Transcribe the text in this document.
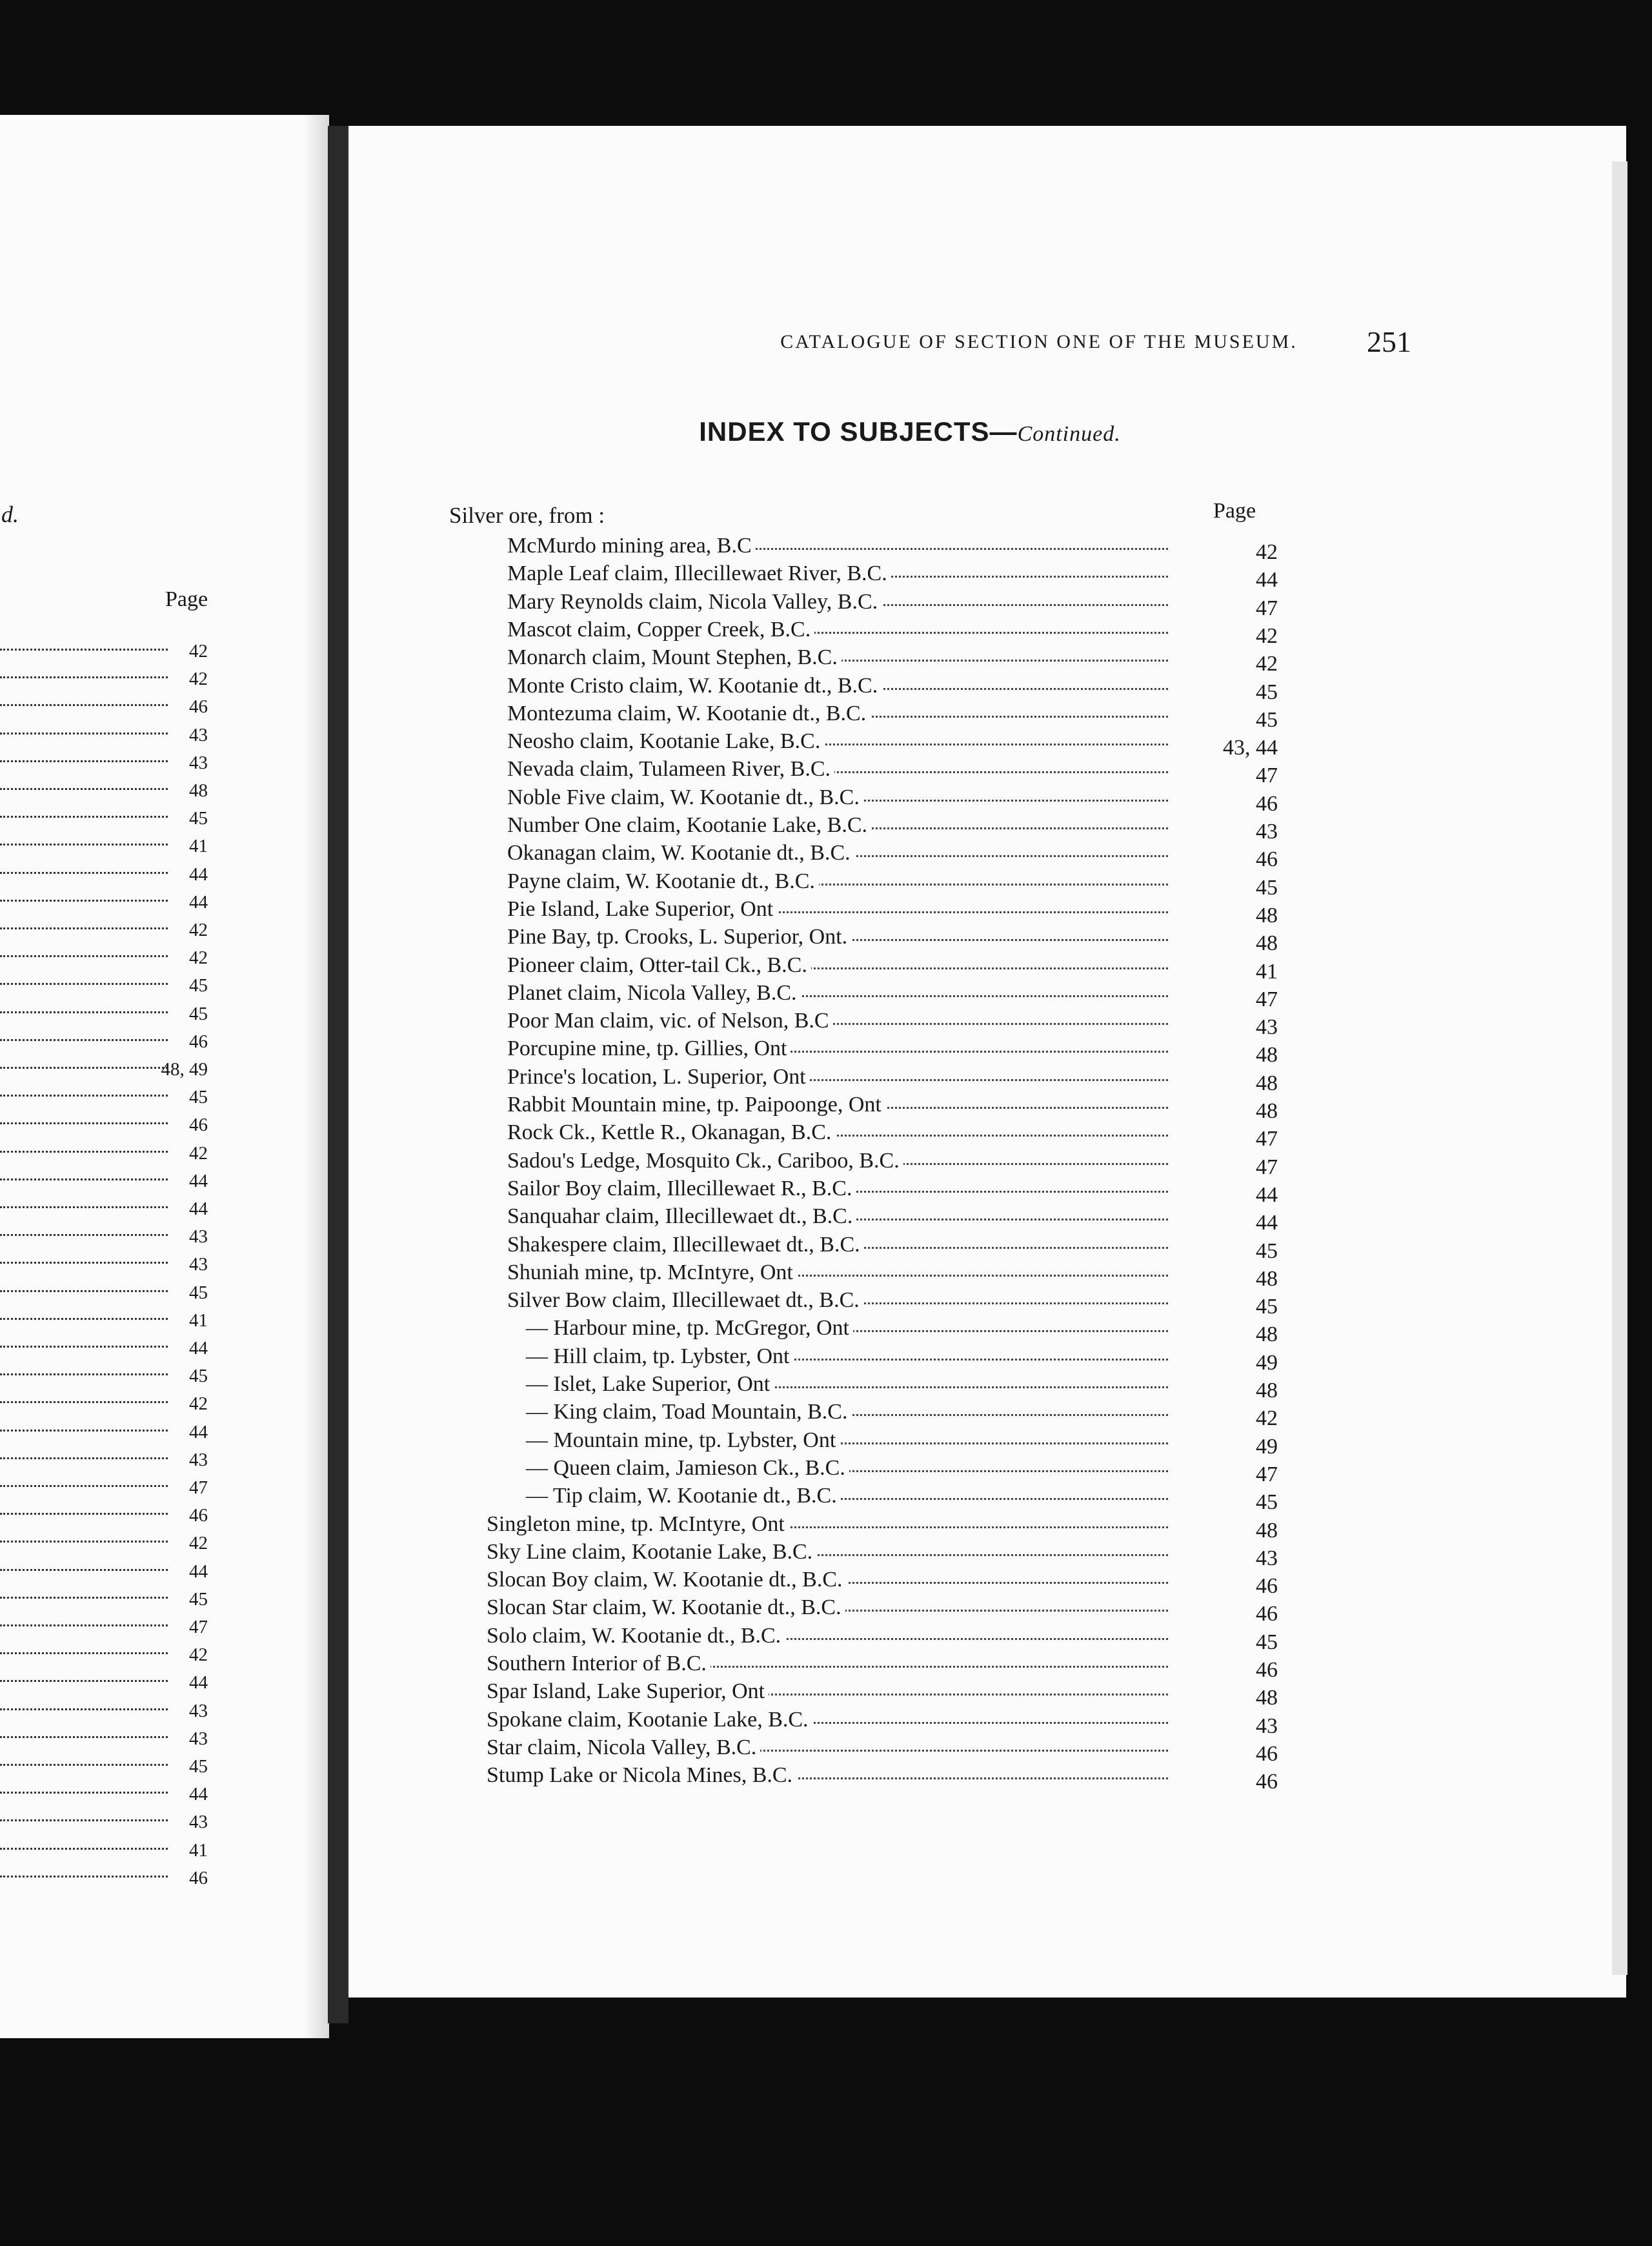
d.
Page
42
42
46
43
43
48
45
41
44
44
42
42
45
45
46
48, 49
45
46
42
44
44
43
43
45
41
44
45
42
44
43
47
46
42
44
45
47
42
44
43
43
45
44
43
41
46
CATALOGUE OF SECTION ONE OF THE MUSEUM.	251
INDEX TO SUBJECTS—Continued.
Page
Silver ore, from :
McMurdo mining area, B.C	42
Maple Leaf claim, Illecillewaet River, B.C.	44
Mary Reynolds claim, Nicola Valley, B.C.	47
Mascot claim, Copper Creek, B.C.	42
Monarch claim, Mount Stephen, B.C.	42
Monte Cristo claim, W. Kootanie dt., B.C.	45
Montezuma claim, W. Kootanie dt., B.C.	45
Neosho claim, Kootanie Lake, B.C.	43, 44
Nevada claim, Tulameen River, B.C.	47
Noble Five claim, W. Kootanie dt., B.C.	46
Number One claim, Kootanie Lake, B.C.	43
Okanagan claim, W. Kootanie dt., B.C.	46
Payne claim, W. Kootanie dt., B.C.	45
Pie Island, Lake Superior, Ont	48
Pine Bay, tp. Crooks, L. Superior, Ont.	48
Pioneer claim, Otter-tail Ck., B.C.	41
Planet claim, Nicola Valley, B.C.	47
Poor Man claim, vic. of Nelson, B.C	43
Porcupine mine, tp. Gillies, Ont	48
Prince's location, L. Superior, Ont	48
Rabbit Mountain mine, tp. Paipoonge, Ont	48
Rock Ck., Kettle R., Okanagan, B.C.	47
Sadou's Ledge, Mosquito Ck., Cariboo, B.C.	47
Sailor Boy claim, Illecillewaet R., B.C.	44
Sanquahar claim, Illecillewaet dt., B.C.	44
Shakespere claim, Illecillewaet dt., B.C.	45
Shuniah mine, tp. McIntyre, Ont	48
Silver Bow claim, Illecillewaet dt., B.C.	45
— Harbour mine, tp. McGregor, Ont	48
— Hill claim, tp. Lybster, Ont	49
— Islet, Lake Superior, Ont	48
— King claim, Toad Mountain, B.C.	42
— Mountain mine, tp. Lybster, Ont	49
— Queen claim, Jamieson Ck., B.C.	47
— Tip claim, W. Kootanie dt., B.C.	45
Singleton mine, tp. McIntyre, Ont	48
Sky Line claim, Kootanie Lake, B.C.	43
Slocan Boy claim, W. Kootanie dt., B.C.	46
Slocan Star claim, W. Kootanie dt., B.C.	46
Solo claim, W. Kootanie dt., B.C.	45
Southern Interior of B.C.	46
Spar Island, Lake Superior, Ont	48
Spokane claim, Kootanie Lake, B.C.	43
Star claim, Nicola Valley, B.C.	46
Stump Lake or Nicola Mines, B.C.	46
